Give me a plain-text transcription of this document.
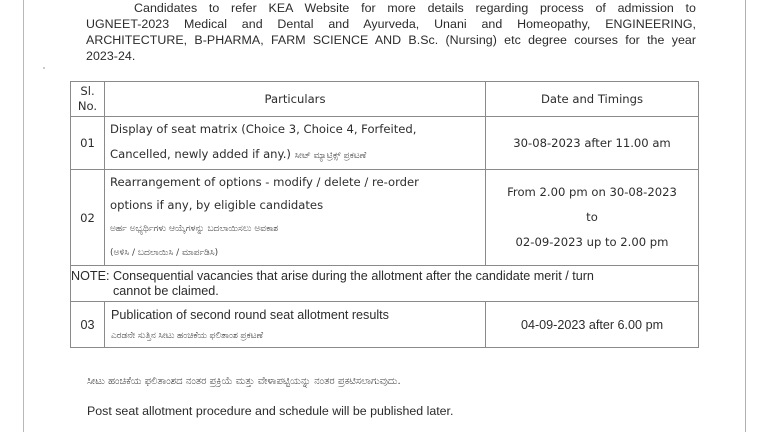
Candidates to refer KEA Website for more details regarding process of admission to
UGNEET-2023 Medical and Dental and Ayurveda, Unani and Homeopathy, ENGINEERING,
ARCHITECTURE, B-PHARMA, FARM SCIENCE AND B.Sc. (Nursing) etc degree courses for the year
2023-24.
Sl.
No.	Particulars	Date and Timings
01	Display of seat matrix (Choice 3, Choice 4, Forfeited,
Cancelled, newly added if any.) ಸೀಟ್ ಮ್ಯಾಟ್ರಿಕ್ಸ್ ಪ್ರಕಟಣೆ	30-08-2023 after 11.00 am
02	Rearrangement of options - modify / delete / re-order
options if any, by eligible candidates
ಅರ್ಹ ಅಭ್ಯರ್ಥಿಗಳು ಆಯ್ಕೆಗಳನ್ನು ಬದಲಾಯಿಸಲು ಅವಕಾಶ
(ಅಳಿಸಿ / ಬದಲಾಯಿಸಿ / ಮಾರ್ಪಡಿಸಿ)	From 2.00 pm on 30-08-2023
to
02-09-2023 up to 2.00 pm

NOTE: Consequential vacancies that arise during the allotment after the candidate merit / turn
cannot be claimed.		

03	Publication of second round seat allotment results
ಎರಡನೇ ಸುತ್ತಿನ ಸೀಟು ಹಂಚಿಕೆಯ ಫಲಿತಾಂಶ ಪ್ರಕಟಣೆ	04-09-2023 after 6.00 pm
ಸೀಟು ಹಂಚಿಕೆಯ ಫಲಿತಾಂಶದ ನಂತರ ಪ್ರಕ್ರಿಯೆ ಮತ್ತು ವೇಳಾಪಟ್ಟಿಯನ್ನು ನಂತರ ಪ್ರಕಟಿಸಲಾಗುವುದು.
Post seat allotment procedure and schedule will be published later.
